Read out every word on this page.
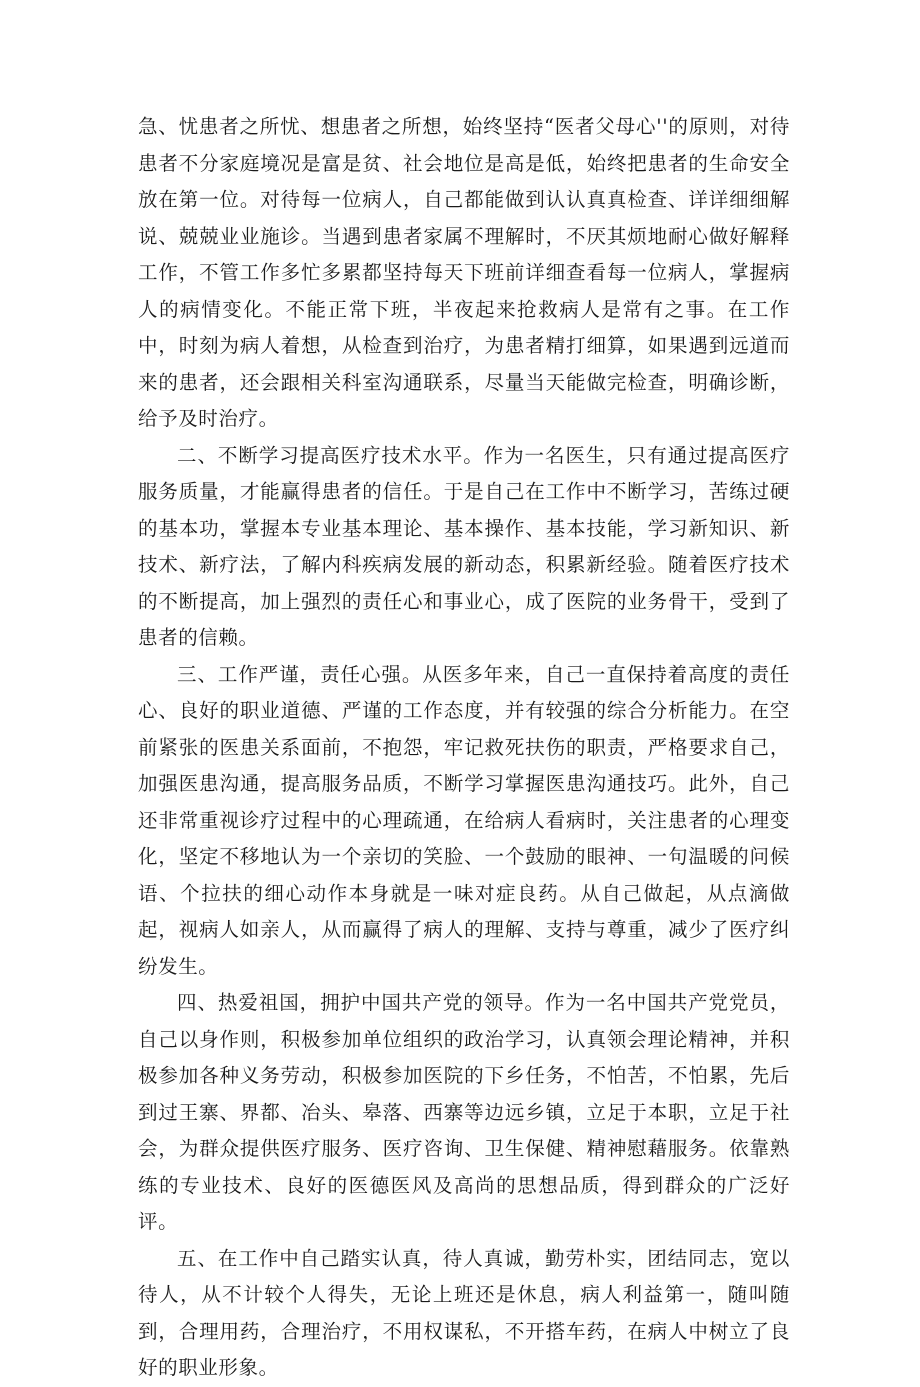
急、忧患者之所忧、想患者之所想，始终坚持“医者父母心''的原则，对待患者不分家庭境况是富是贫、社会地位是高是低，始终把患者的生命安全放在第一位。对待每一位病人，自己都能做到认认真真检查、详详细细解说、兢兢业业施诊。当遇到患者家属不理解时，不厌其烦地耐心做好解释工作，不管工作多忙多累都坚持每天下班前详细查看每一位病人，掌握病人的病情变化。不能正常下班，半夜起来抢救病人是常有之事。在工作中，时刻为病人着想，从检查到治疗，为患者精打细算，如果遇到远道而来的患者，还会跟相关科室沟通联系，尽量当天能做完检查，明确诊断，给予及时治疗。

二、不断学习提高医疗技术水平。作为一名医生，只有通过提高医疗服务质量，才能赢得患者的信任。于是自己在工作中不断学习，苦练过硬的基本功，掌握本专业基本理论、基本操作、基本技能，学习新知识、新技术、新疗法，了解内科疾病发展的新动态，积累新经验。随着医疗技术的不断提高，加上强烈的责任心和事业心，成了医院的业务骨干，受到了患者的信赖。

三、工作严谨，责任心强。从医多年来，自己一直保持着高度的责任心、良好的职业道德、严谨的工作态度，并有较强的综合分析能力。在空前紧张的医患关系面前，不抱怨，牢记救死扶伤的职责，严格要求自己，加强医患沟通，提高服务品质，不断学习掌握医患沟通技巧。此外，自己还非常重视诊疗过程中的心理疏通，在给病人看病时，关注患者的心理变化，坚定不移地认为一个亲切的笑脸、一个鼓励的眼神、一句温暖的问候语、个拉扶的细心动作本身就是一味对症良药。从自己做起，从点滴做起，视病人如亲人，从而赢得了病人的理解、支持与尊重，减少了医疗纠纷发生。

四、热爱祖国，拥护中国共产党的领导。作为一名中国共产党党员，自己以身作则，积极参加单位组织的政治学习，认真领会理论精神，并积极参加各种义务劳动，积极参加医院的下乡任务，不怕苦，不怕累，先后到过王寨、界都、冶头、皋落、西寨等边远乡镇，立足于本职，立足于社会，为群众提供医疗服务、医疗咨询、卫生保健、精神慰藉服务。依靠熟练的专业技术、良好的医德医风及高尚的思想品质，得到群众的广泛好评。

五、在工作中自己踏实认真，待人真诚，勤劳朴实，团结同志，宽以待人，从不计较个人得失，无论上班还是休息，病人利益第一，随叫随到，合理用药，合理治疗，不用权谋私，不开搭车药，在病人中树立了良好的职业形象。
